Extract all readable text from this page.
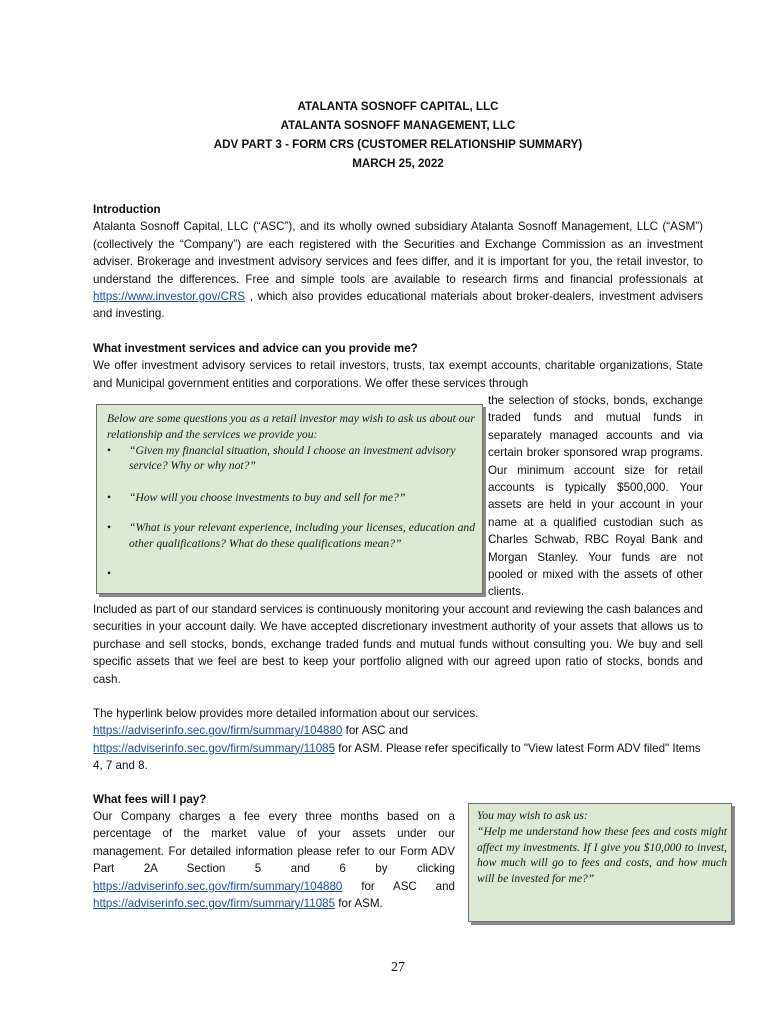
ATALANTA SOSNOFF CAPITAL, LLC
ATALANTA SOSNOFF MANAGEMENT, LLC
ADV PART 3 - FORM CRS (CUSTOMER RELATIONSHIP SUMMARY)
MARCH 25, 2022
Introduction
Atalanta Sosnoff Capital, LLC (“ASC”), and its wholly owned subsidiary Atalanta Sosnoff Management, LLC (“ASM”) (collectively the “Company”) are each registered with the Securities and Exchange Commission as an investment adviser. Brokerage and investment advisory services and fees differ, and it is important for you, the retail investor, to understand the differences. Free and simple tools are available to research firms and financial professionals at https://www.investor.gov/CRS , which also provides educational materials about broker-dealers, investment advisers and investing.
What investment services and advice can you provide me?
We offer investment advisory services to retail investors, trusts, tax exempt accounts, charitable organizations, State and Municipal government entities and corporations. We offer these services through
the selection of stocks, bonds, exchange traded funds and mutual funds in separately managed accounts and via certain broker sponsored wrap programs. Our minimum account size for retail accounts is typically $500,000. Your assets are held in your account in your name at a qualified custodian such as Charles Schwab, RBC Royal Bank and Morgan Stanley. Your funds are not pooled or mixed with the assets of other clients.
Below are some questions you as a retail investor may wish to ask us about our relationship and the services we provide you:
• “Given my financial situation, should I choose an investment advisory service? Why or why not?”
• “How will you choose investments to buy and sell for me?”
• “What is your relevant experience, including your licenses, education and other qualifications? What do these qualifications mean?”
•
Included as part of our standard services is continuously monitoring your account and reviewing the cash balances and securities in your account daily. We have accepted discretionary investment authority of your assets that allows us to purchase and sell stocks, bonds, exchange traded funds and mutual funds without consulting you. We buy and sell specific assets that we feel are best to keep your portfolio aligned with our agreed upon ratio of stocks, bonds and cash.
The hyperlink below provides more detailed information about our services.
https://adviserinfo.sec.gov/firm/summary/104880 for ASC and
https://adviserinfo.sec.gov/firm/summary/11085 for ASM. Please refer specifically to "View latest Form ADV filed" Items 4, 7 and 8.
What fees will I pay?
Our Company charges a fee every three months based on a percentage of the market value of your assets under our management. For detailed information please refer to our Form ADV Part 2A Section 5 and 6 by clicking https://adviserinfo.sec.gov/firm/summary/104880 for ASC and https://adviserinfo.sec.gov/firm/summary/11085 for ASM.
You may wish to ask us:
“Help me understand how these fees and costs might affect my investments. If I give you $10,000 to invest, how much will go to fees and costs, and how much will be invested for me?”
27
